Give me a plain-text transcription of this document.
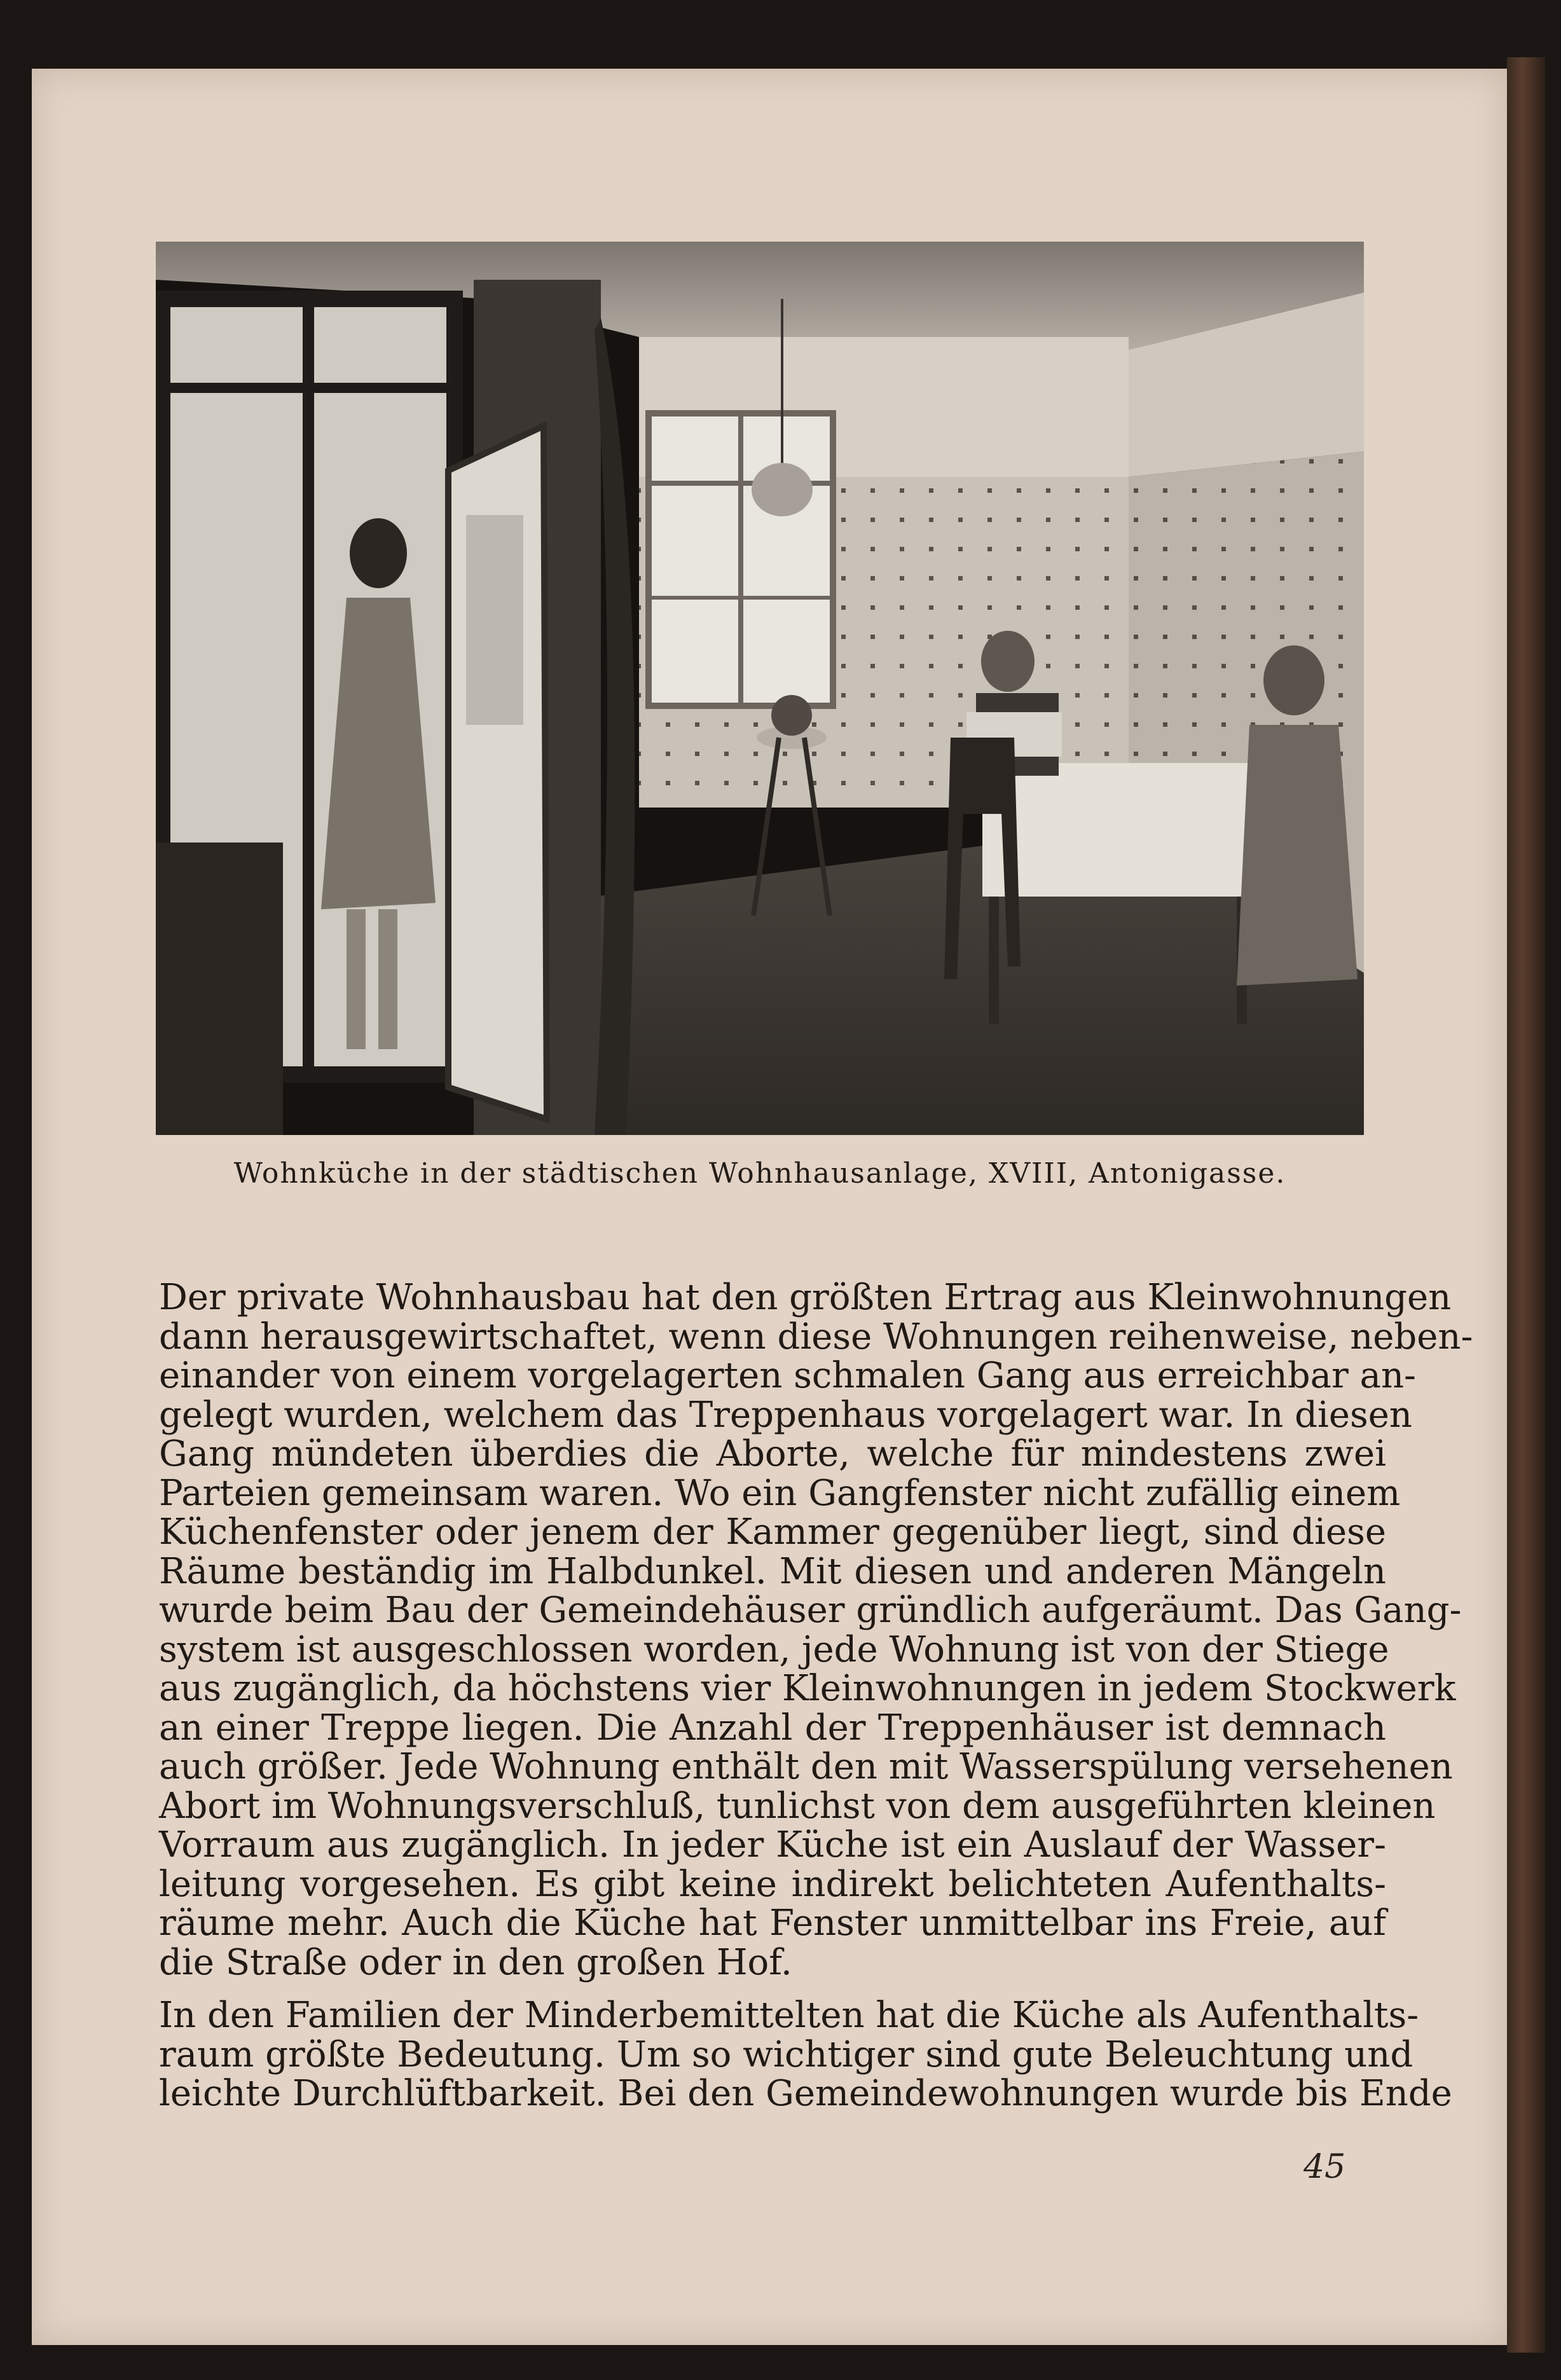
Wohnküche in der städtischen Wohnhausanlage, XVIII, Antonigasse.
Der private Wohnhausbau hat den größten Ertrag aus Kleinwohnungen
dann herausgewirtschaftet, wenn diese Wohnungen reihenweise, neben-
einander von einem vorgelagerten schmalen Gang aus erreichbar an-
gelegt wurden, welchem das Treppenhaus vorgelagert war. In diesen
Gang mündeten überdies die Aborte, welche für mindestens zwei
Parteien gemeinsam waren. Wo ein Gangfenster nicht zufällig einem
Küchenfenster oder jenem der Kammer gegenüber liegt, sind diese
Räume beständig im Halbdunkel. Mit diesen und anderen Mängeln
wurde beim Bau der Gemeindehäuser gründlich aufgeräumt. Das Gang-
system ist ausgeschlossen worden, jede Wohnung ist von der Stiege
aus zugänglich, da höchstens vier Kleinwohnungen in jedem Stockwerk
an einer Treppe liegen. Die Anzahl der Treppenhäuser ist demnach
auch größer. Jede Wohnung enthält den mit Wasserspülung versehenen
Abort im Wohnungsverschluß, tunlichst von dem ausgeführten kleinen
Vorraum aus zugänglich. In jeder Küche ist ein Auslauf der Wasser-
leitung vorgesehen. Es gibt keine indirekt belichteten Aufenthalts-
räume mehr. Auch die Küche hat Fenster unmittelbar ins Freie, auf
die Straße oder in den großen Hof.
In den Familien der Minderbemittelten hat die Küche als Aufenthalts-
raum größte Bedeutung. Um so wichtiger sind gute Beleuchtung und
leichte Durchlüftbarkeit. Bei den Gemeindewohnungen wurde bis Ende
45
